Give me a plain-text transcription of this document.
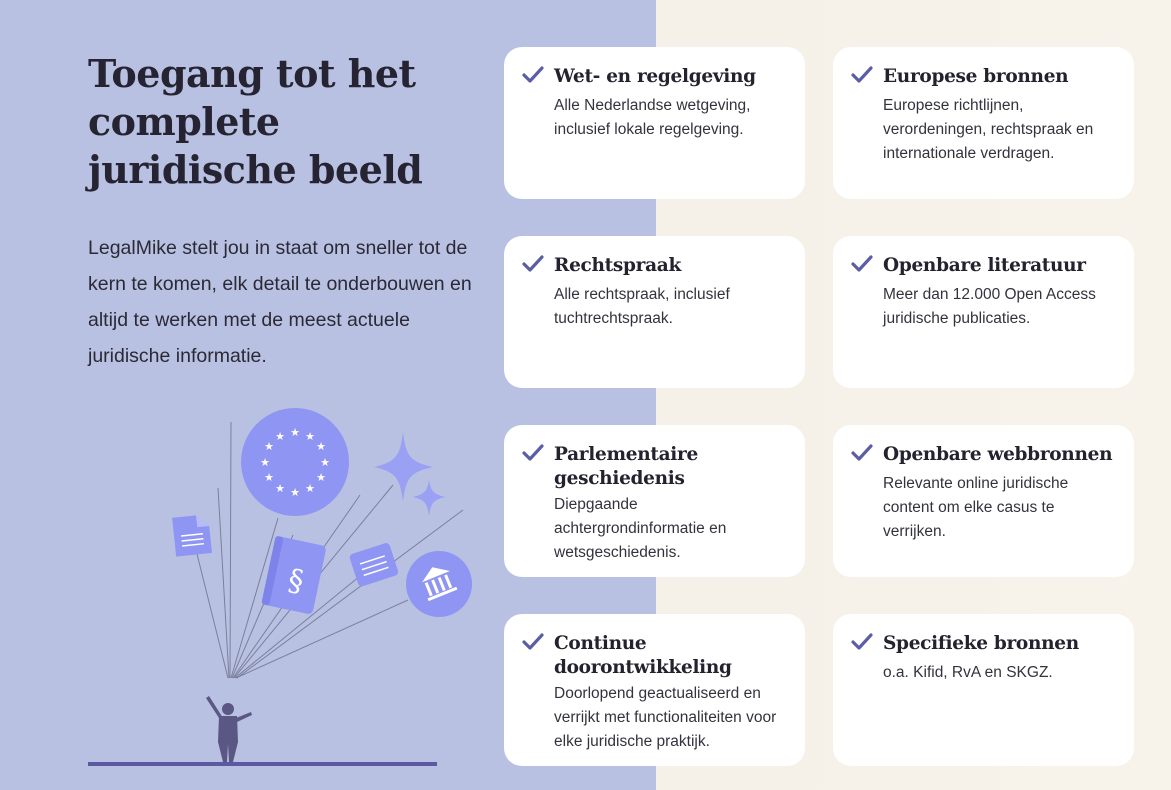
Toegang tot het complete juridische beeld

LegalMike stelt jou in staat om sneller tot de kern te komen, elk detail te onderbouwen en altijd te werken met de meest actuele juridische informatie.

★ ★
★
★
★
★
★
★
★
★
★
★
§
Wet- en regelgeving

Alle Nederlandse wetgeving, inclusief lokale regelgeving.

Europese bronnen

Europese richtlijnen, verordeningen, rechtspraak en internationale verdragen.

Rechtspraak

Alle rechtspraak, inclusief tuchtrechtspraak.

Openbare literatuur

Meer dan 12.000 Open Access juridische publicaties.

Parlementaire geschiedenis

Diepgaande achtergrondinformatie en wetsgeschiedenis.

Openbare webbronnen

Relevante online juridische content om elke casus te verrijken.

Continue doorontwikkeling

Doorlopend geactualiseerd en verrijkt met functionaliteiten voor elke juridische praktijk.

Specifieke bronnen

o.a. Kifid, RvA en SKGZ.
